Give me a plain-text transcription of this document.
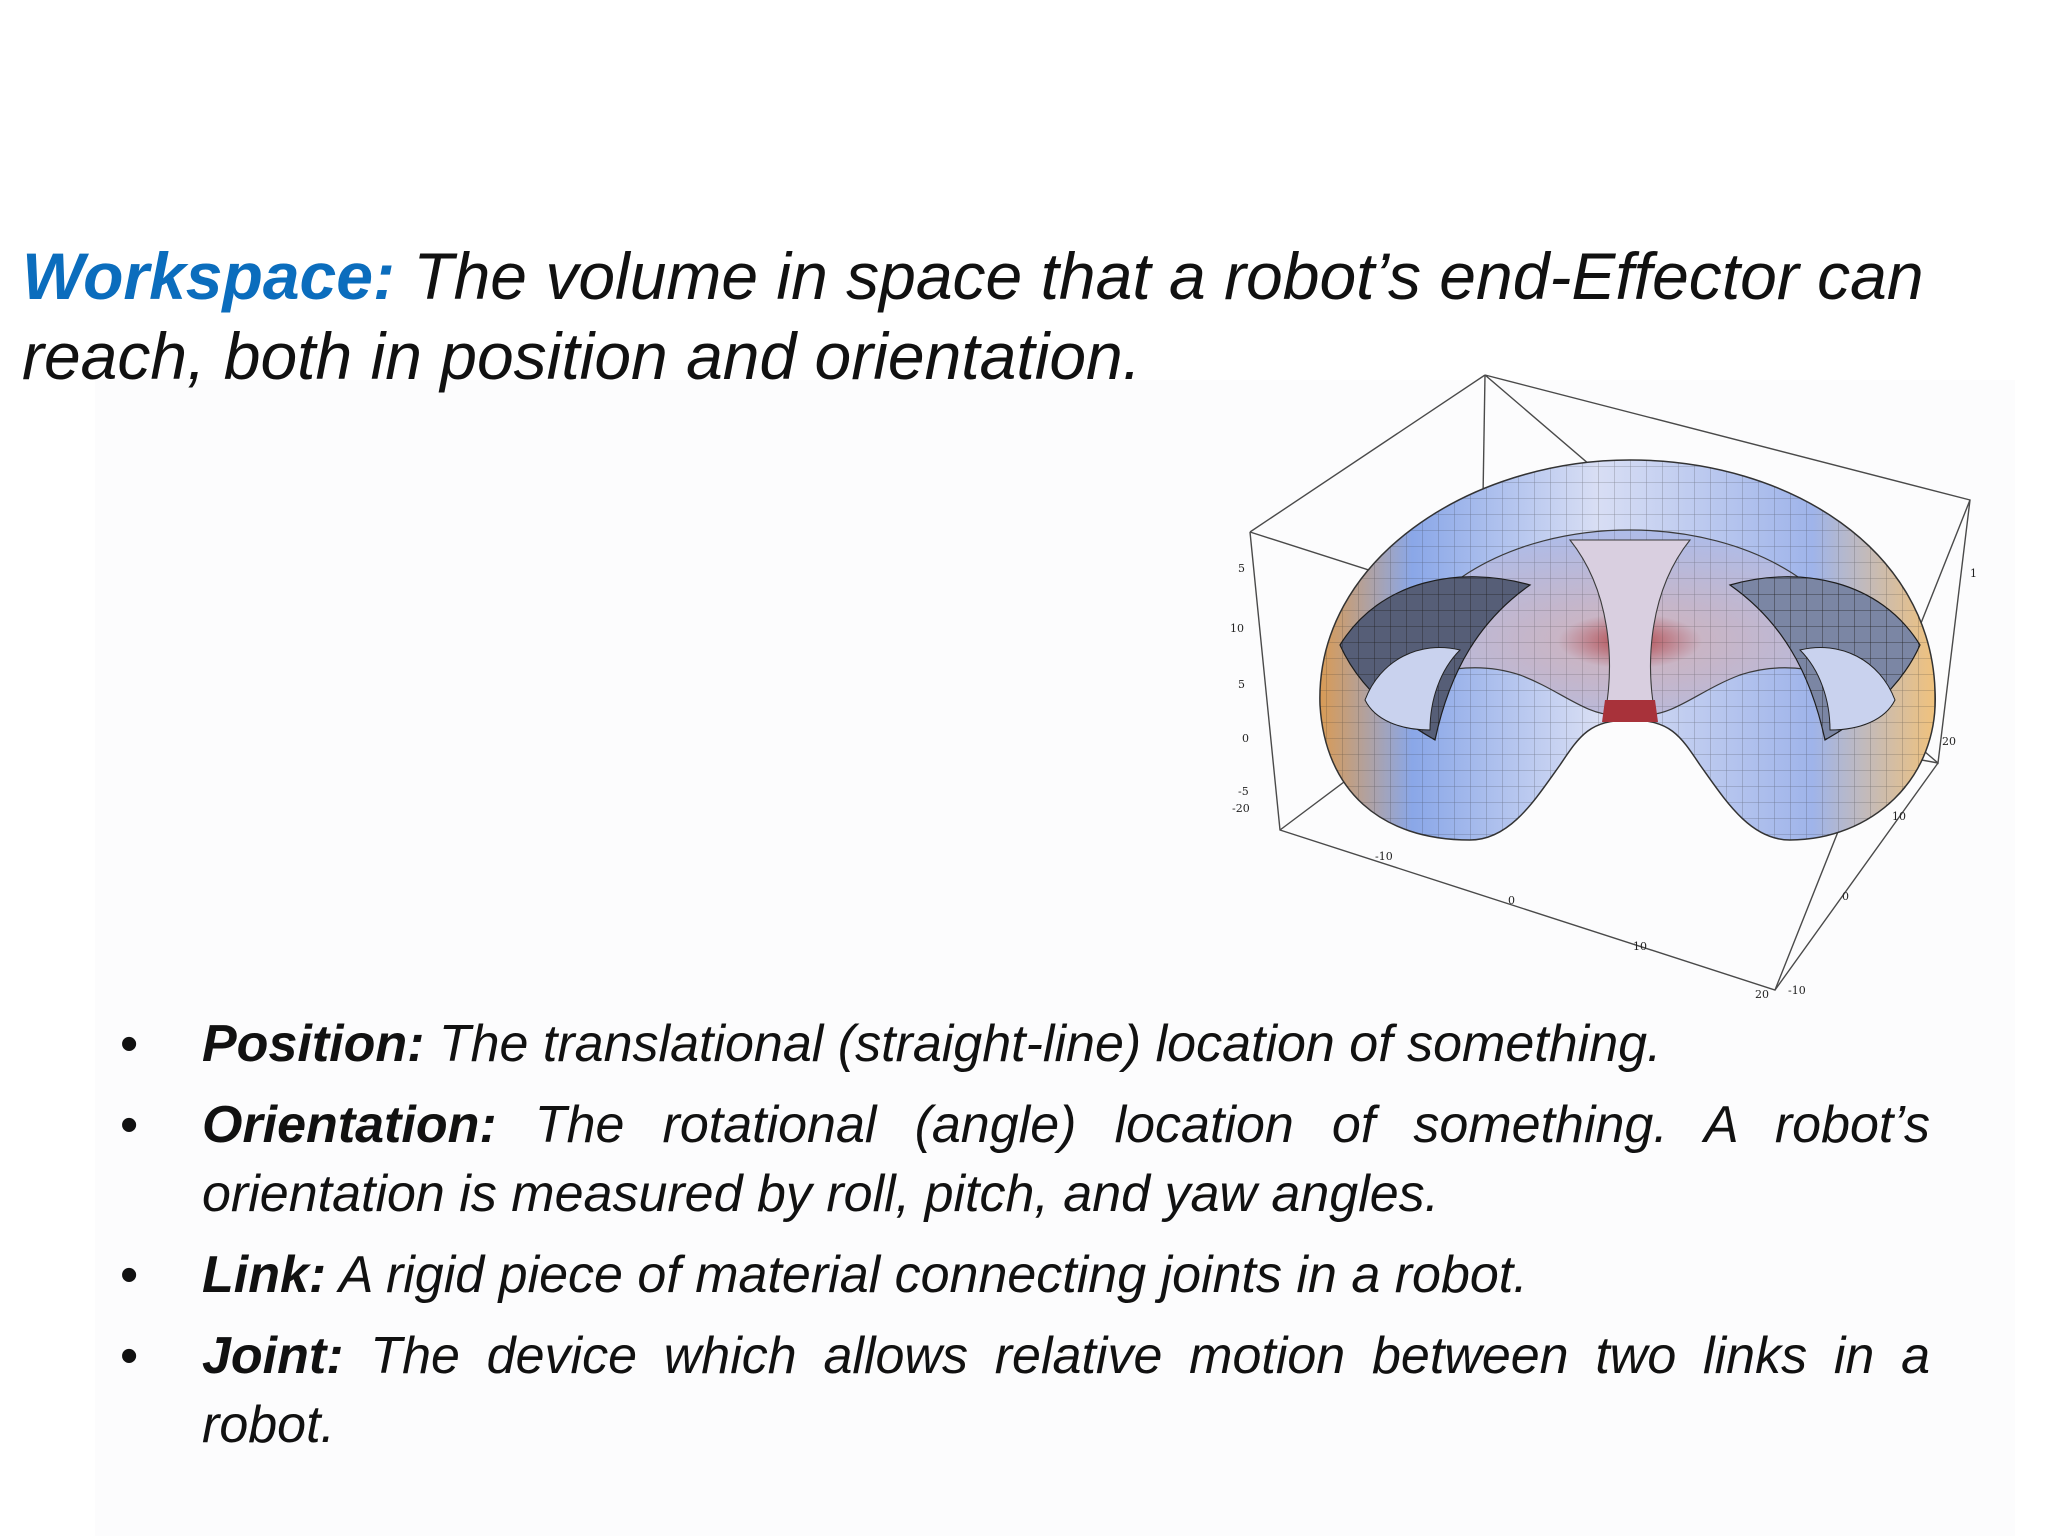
Workspace: The volume in space that a robot’s end-Effector can reach, both in position and orientation.

5
10
5
0
-5
-20
-10
0
10
20
1
20
10
0
-10
• Position: The translational (straight-line) location of something.
• Orientation: The rotational (angle) location of something. A robot’s orientation is measured by roll, pitch, and yaw angles.
• Link: A rigid piece of material connecting joints in a robot.
• Joint: The device which allows relative motion between two links in a robot.
